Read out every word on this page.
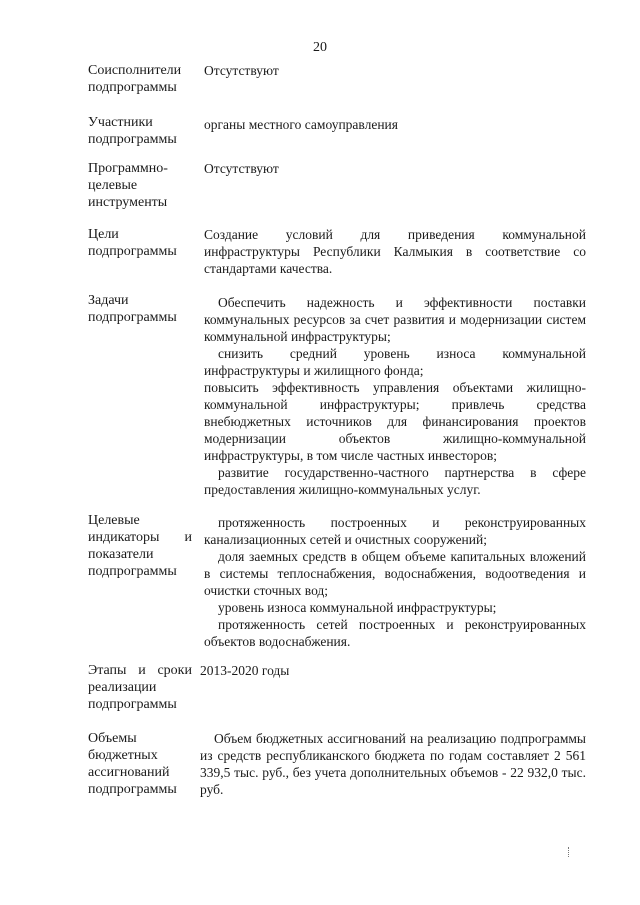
20
Соисполнители
подпрограммы

Отсутствуют

Участники
подпрограммы

органы местного самоуправления

Программно-
целевые
инструменты

Отсутствуют

Цели
подпрограммы

Создание условий для приведения коммунальной инфраструктуры Республики Калмыкия в соответствие со стандартами качества.

Задачи
подпрограммы

Обеспечить надежность и эффективности поставки коммунальных ресурсов за счет развития и модернизации систем коммунальной инфраструктуры;

снизить средний уровень износа коммунальной инфраструктуры и жилищного фонда;

повысить эффективность управления объектами жилищно-коммунальной инфраструктуры; привлечь средства внебюджетных источников для финансирования проектов модернизации объектов жилищно-коммунальной инфраструктуры, в том числе частных инвесторов;

развитие государственно-частного партнерства в сфере предоставления жилищно-коммунальных услуг.

Целевые
индикаторы и
показатели
подпрограммы

протяженность построенных и реконструированных канализационных сетей и очистных сооружений;

доля заемных средств в общем объеме капитальных вложений в системы теплоснабжения, водоснабжения, водоотведения и очистки сточных вод;

уровень износа коммунальной инфраструктуры;

протяженность сетей построенных и реконструированных объектов водоснабжения.

Этапы и сроки
реализации
подпрограммы

2013-2020 годы

Объемы
бюджетных
ассигнований
подпрограммы

Объем бюджетных ассигнований на реализацию подпрограммы из средств республиканского бюджета по годам составляет 2 561 339,5 тыс. руб., без учета дополнительных объемов - 22 932,0 тыс. руб.
